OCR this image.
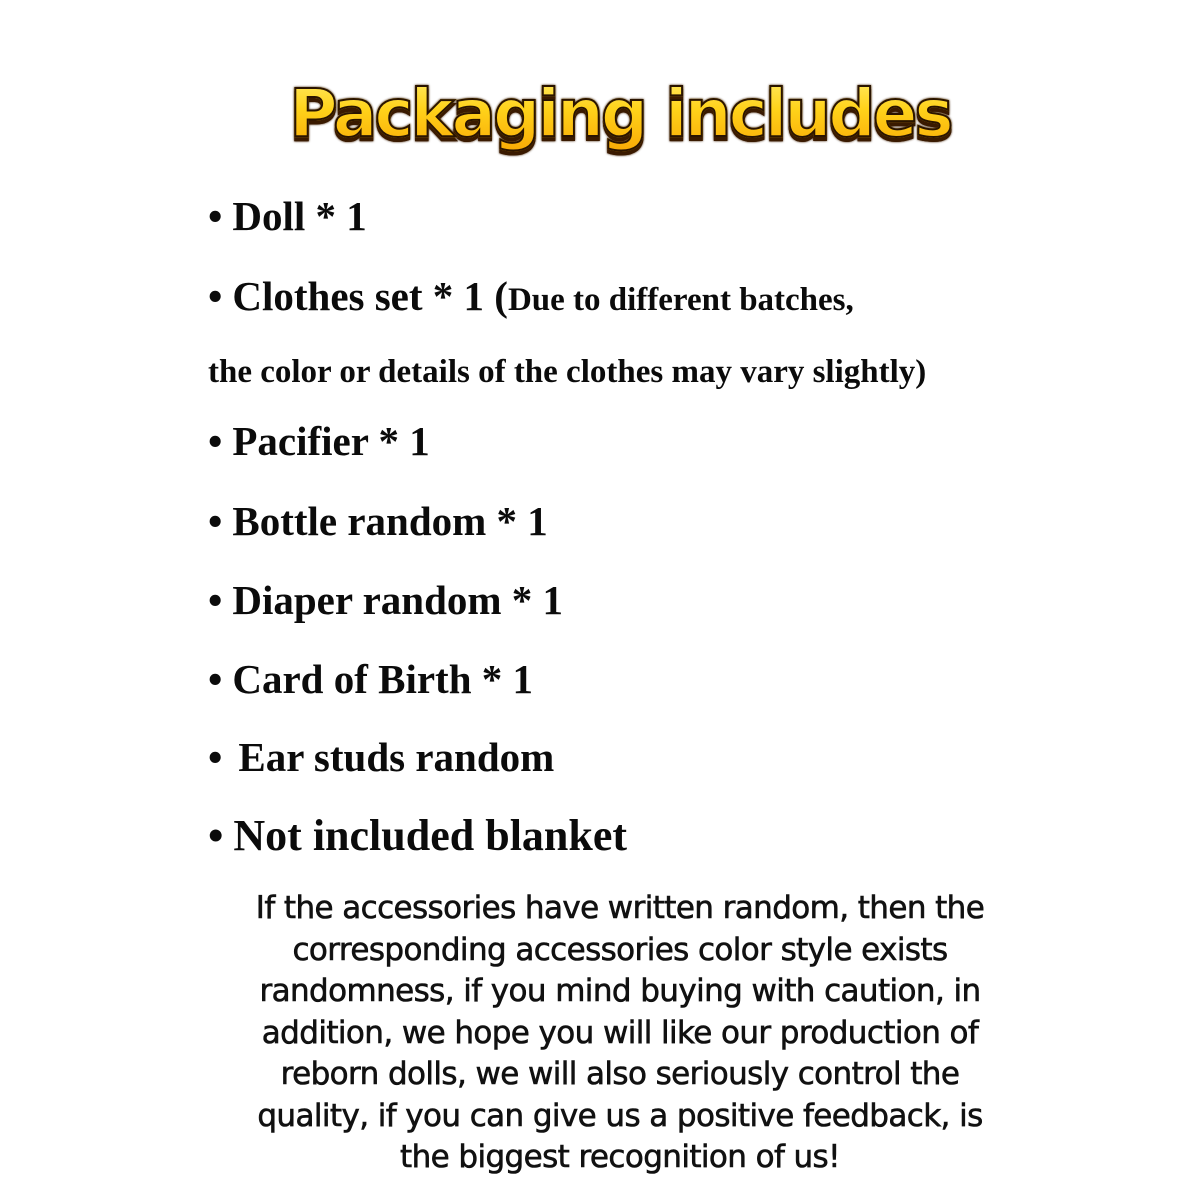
Packaging includes
• Doll * 1
• Clothes set * 1 (Due to different batches,
the color or details of the clothes may vary slightly)
• Pacifier * 1
• Bottle random * 1
• Diaper random * 1
• Card of Birth * 1
• Ear studs random
• Not included blanket

If the accessories have written random, then the
corresponding accessories color style exists
randomness, if you mind buying with caution, in
addition, we hope you will like our production of
reborn dolls, we will also seriously control the
quality, if you can give us a positive feedback, is
the biggest recognition of us!
